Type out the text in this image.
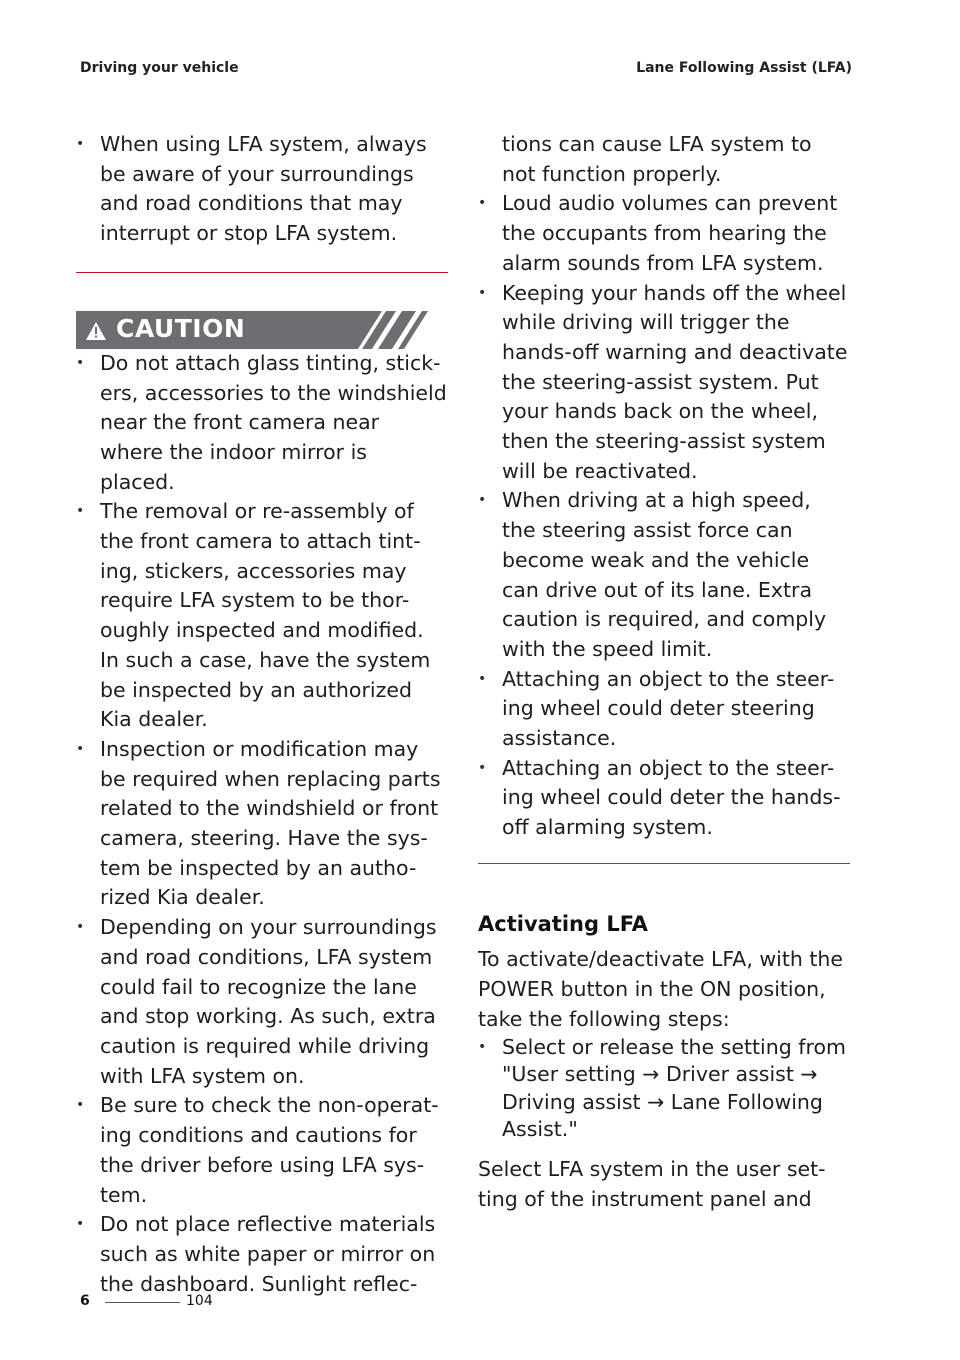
Driving your vehicle	Lane Following Assist (LFA)
• When using LFA system, always be aware of your surroundings and road conditions that may interrupt or stop LFA system.
CAUTION
• Do not attach glass tinting, stick-ers, accessories to the windshield near the front camera near where the indoor mirror is placed.
• The removal or re-assembly of the front camera to attach tint-ing, stickers, accessories may require LFA system to be thor-oughly inspected and modified. In such a case, have the system be inspected by an authorized Kia dealer.
• Inspection or modification may be required when replacing parts related to the windshield or front camera, steering. Have the sys-tem be inspected by an autho-rized Kia dealer.
• Depending on your surroundings and road conditions, LFA system could fail to recognize the lane and stop working. As such, extra caution is required while driving with LFA system on.
• Be sure to check the non-operat-ing conditions and cautions for the driver before using LFA sys-tem.
• Do not place reflective materials such as white paper or mirror on the dashboard. Sunlight reflec-
tions can cause LFA system to not function properly.
• Loud audio volumes can prevent the occupants from hearing the alarm sounds from LFA system.
• Keeping your hands off the wheel while driving will trigger the hands-off warning and deactivate the steering-assist system. Put your hands back on the wheel, then the steering-assist system will be reactivated.
• When driving at a high speed, the steering assist force can become weak and the vehicle can drive out of its lane. Extra caution is required, and comply with the speed limit.
• Attaching an object to the steer-ing wheel could deter steering assistance.
• Attaching an object to the steer-ing wheel could deter the hands-off alarming system.
Activating LFA
To activate/deactivate LFA, with the POWER button in the ON position, take the following steps:
• Select or release the setting from "User setting → Driver assist → Driving assist → Lane Following Assist."
Select LFA system in the user set-ting of the instrument panel and
6	104
